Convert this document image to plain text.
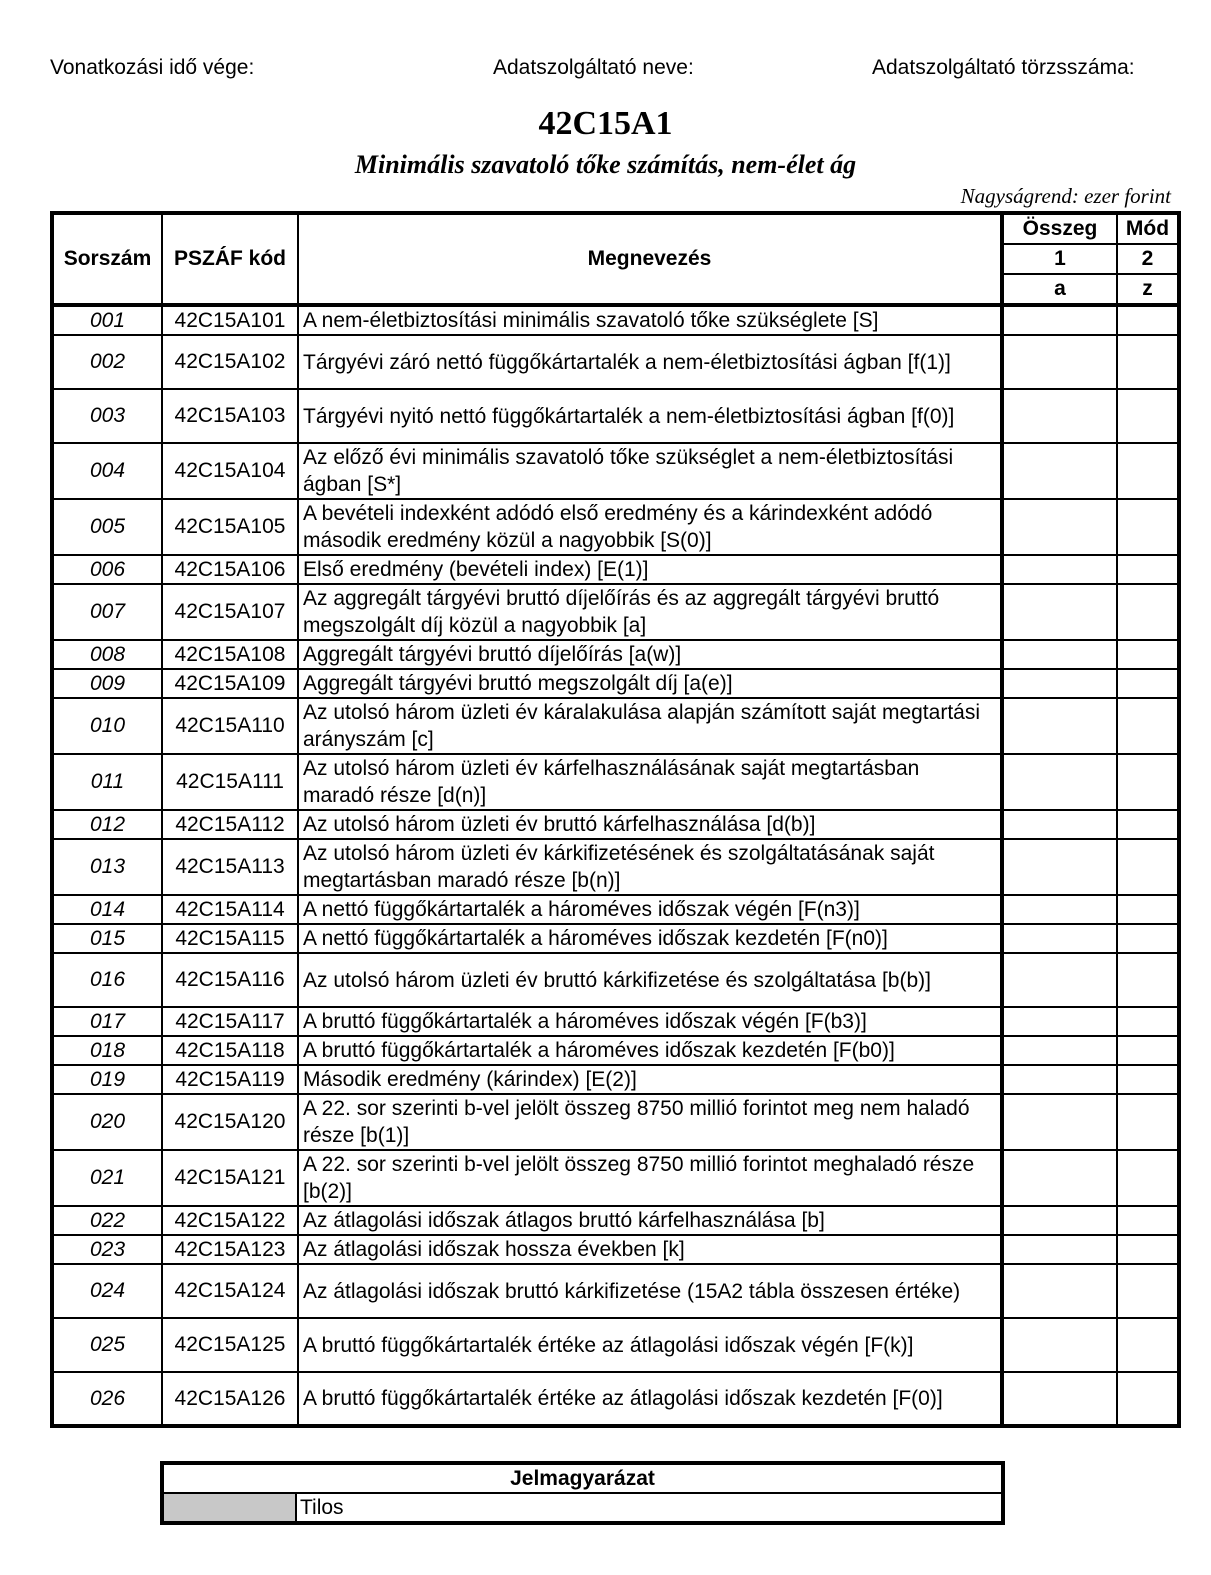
Vonatkozási idő vége:	Adatszolgáltató neve:	Adatszolgáltató törzsszáma:
42C15A1
Minimális szavatoló tőke számítás, nem-élet ág
Nagyságrend: ezer forint
Sorszám	PSZÁF kód	Megnevezés	Összeg	Mód
			1	2
			a	z
001	42C15A101	A nem-életbiztosítási minimális szavatoló tőke szükséglete [S]		
002	42C15A102	Tárgyévi záró nettó függőkártartalék a nem-életbiztosítási ágban [f(1)]		
003	42C15A103	Tárgyévi nyitó nettó függőkártartalék a nem-életbiztosítási ágban [f(0)]		
004	42C15A104	Az előző évi minimális szavatoló tőke szükséglet a nem-életbiztosítási ágban [S*]		
005	42C15A105	A bevételi indexként adódó első eredmény és a kárindexként adódó második eredmény közül a nagyobbik [S(0)]		
006	42C15A106	Első eredmény (bevételi index) [E(1)]		
007	42C15A107	Az aggregált tárgyévi bruttó díjelőírás és az aggregált tárgyévi bruttó megszolgált díj közül a nagyobbik [a]		
008	42C15A108	Aggregált tárgyévi bruttó díjelőírás [a(w)]		
009	42C15A109	Aggregált tárgyévi bruttó megszolgált díj [a(e)]		
010	42C15A110	Az utolsó három üzleti év káralakulása alapján számított saját megtartási arányszám [c]		
011	42C15A111	Az utolsó három üzleti év kárfelhasználásának saját megtartásban maradó része [d(n)]		
012	42C15A112	Az utolsó három üzleti év bruttó kárfelhasználása [d(b)]		
013	42C15A113	Az utolsó három üzleti év kárkifizetésének és szolgáltatásának saját megtartásban maradó része [b(n)]		
014	42C15A114	A nettó függőkártartalék a hároméves időszak végén [F(n3)]		
015	42C15A115	A nettó függőkártartalék a hároméves időszak kezdetén [F(n0)]		
016	42C15A116	Az utolsó három üzleti év bruttó kárkifizetése és szolgáltatása [b(b)]		
017	42C15A117	A bruttó függőkártartalék a hároméves időszak végén [F(b3)]		
018	42C15A118	A bruttó függőkártartalék a hároméves időszak kezdetén [F(b0)]		
019	42C15A119	Második eredmény (kárindex) [E(2)]		
020	42C15A120	A 22. sor szerinti b-vel jelölt összeg 8750 millió forintot meg nem haladó része [b(1)]		
021	42C15A121	A 22. sor szerinti b-vel jelölt összeg 8750 millió forintot meghaladó része [b(2)]		
022	42C15A122	Az átlagolási időszak átlagos bruttó kárfelhasználása [b]		
023	42C15A123	Az átlagolási időszak hossza években [k]		
024	42C15A124	Az átlagolási időszak bruttó kárkifizetése (15A2 tábla összesen értéke)		
025	42C15A125	A bruttó függőkártartalék értéke az átlagolási időszak végén [F(k)]		
026	42C15A126	A bruttó függőkártartalék értéke az átlagolási időszak kezdetén [F(0)]		
Jelmagyarázat
	Tilos
